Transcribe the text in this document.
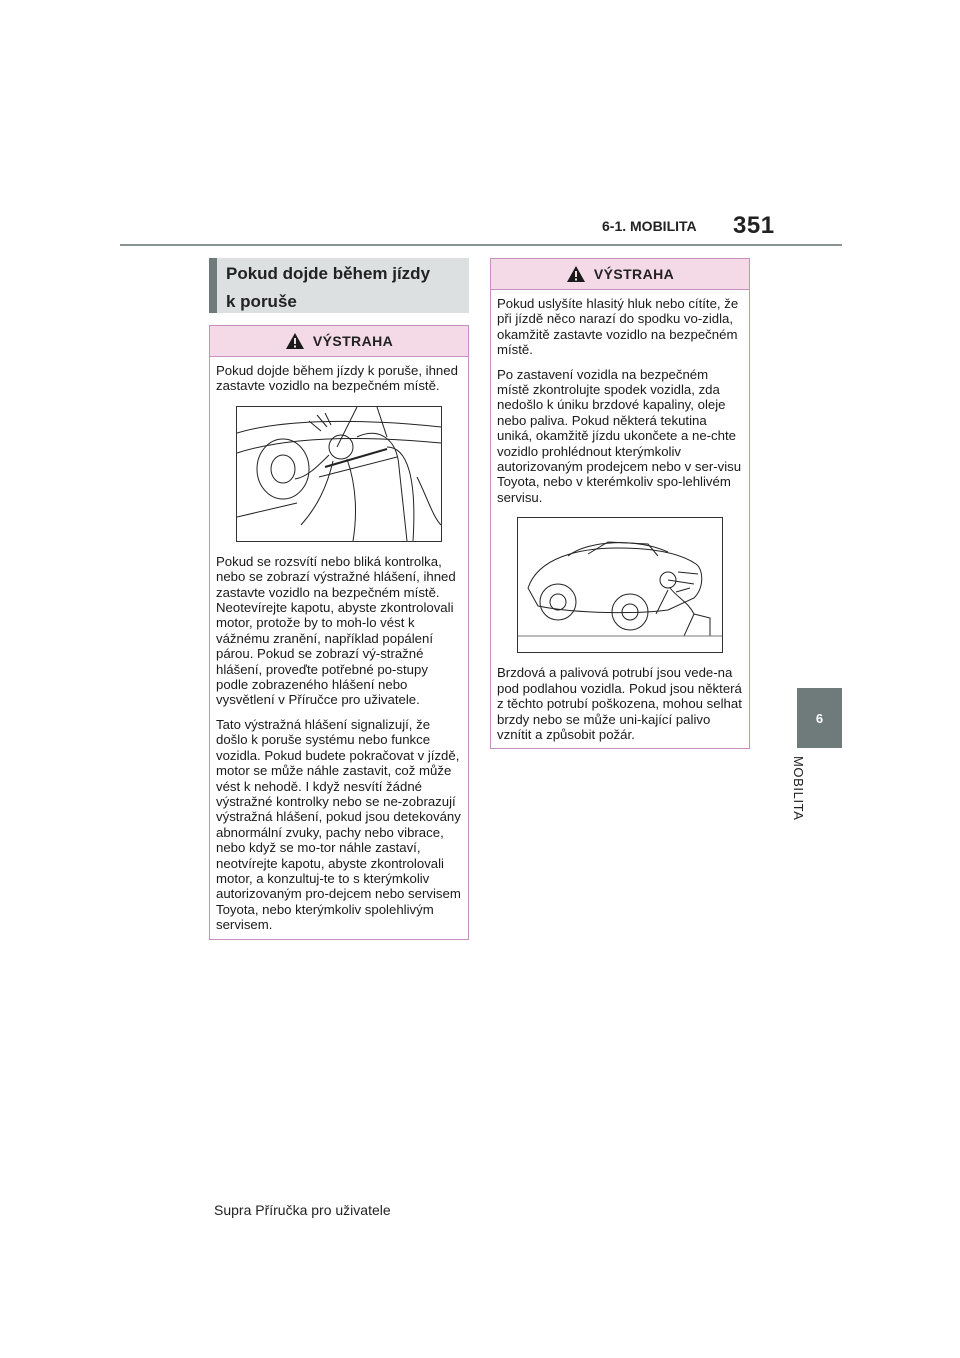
6-1. MOBILITA 351
6
MOBILITA
Pokud dojde během jízdy
k poruše
VÝSTRAHA

Pokud dojde během jízdy k poruše, ihned zastavte vozidlo na bezpečném místě.

Pokud se rozsvítí nebo bliká kontrolka, nebo se zobrazí výstražné hlášení, ihned zastavte vozidlo na bezpečném místě. Neotevírejte kapotu, abyste zkontrolovali motor, protože by to moh-lo vést k vážnému zranění, například popálení párou. Pokud se zobrazí vý-stražné hlášení, proveďte potřebné po-stupy podle zobrazeného hlášení nebo vysvětlení v Příručce pro uživatele.

Tato výstražná hlášení signalizují, že došlo k poruše systému nebo funkce vozidla. Pokud budete pokračovat v jízdě, motor se může náhle zastavit, což může vést k nehodě. I když nesvítí žádné výstražné kontrolky nebo se ne-zobrazují výstražná hlášení, pokud jsou detekovány abnormální zvuky, pachy nebo vibrace, nebo když se mo-tor náhle zastaví, neotvírejte kapotu, abyste zkontrolovali motor, a konzultuj-te to s kterýmkoliv autorizovaným pro-dejcem nebo servisem Toyota, nebo kterýmkoliv spolehlivým servisem.

VÝSTRAHA

Pokud uslyšíte hlasitý hluk nebo cítíte, že při jízdě něco narazí do spodku vo-zidla, okamžitě zastavte vozidlo na bezpečném místě.

Po zastavení vozidla na bezpečném místě zkontrolujte spodek vozidla, zda nedošlo k úniku brzdové kapaliny, oleje nebo paliva. Pokud některá tekutina uniká, okamžitě jízdu ukončete a ne-chte vozidlo prohlédnout kterýmkoliv autorizovaným prodejcem nebo v ser-visu Toyota, nebo v kterémkoliv spo-lehlivém servisu.

Brzdová a palivová potrubí jsou vede-na pod podlahou vozidla. Pokud jsou některá z těchto potrubí poškozena, mohou selhat brzdy nebo se může uni-kající palivo vznítit a způsobit požár.

Supra Příručka pro uživatele
